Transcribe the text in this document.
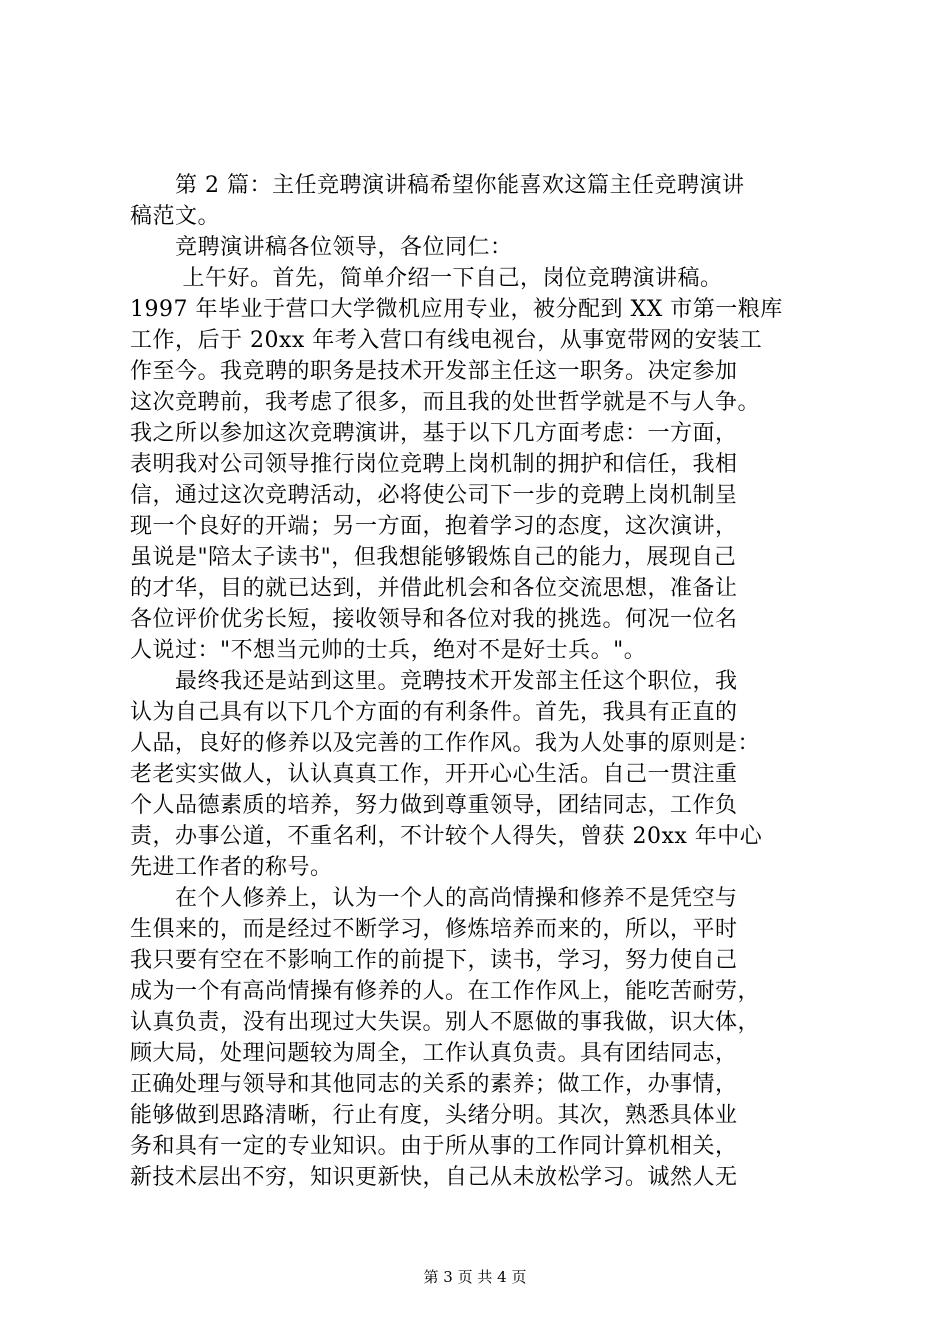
　　第 2 篇：主任竞聘演讲稿希望你能喜欢这篇主任竞聘演讲
稿范文。
　　竞聘演讲稿各位领导，各位同仁：
　　 上午好。首先，简单介绍一下自己，岗位竞聘演讲稿。
1997 年毕业于营口大学微机应用专业，被分配到 XX 市第一粮库
工作，后于 20xx 年考入营口有线电视台，从事宽带网的安装工
作至今。我竞聘的职务是技术开发部主任这一职务。决定参加
这次竞聘前，我考虑了很多，而且我的处世哲学就是不与人争。
我之所以参加这次竞聘演讲，基于以下几方面考虑：一方面，
表明我对公司领导推行岗位竞聘上岗机制的拥护和信任，我相
信，通过这次竞聘活动，必将使公司下一步的竞聘上岗机制呈
现一个良好的开端；另一方面，抱着学习的态度，这次演讲，
虽说是"陪太子读书"，但我想能够锻炼自己的能力，展现自己
的才华，目的就已达到，并借此机会和各位交流思想，准备让
各位评价优劣长短，接收领导和各位对我的挑选。何况一位名
人说过："不想当元帅的士兵，绝对不是好士兵。"。
　　最终我还是站到这里。竞聘技术开发部主任这个职位，我
认为自己具有以下几个方面的有利条件。首先，我具有正直的
人品，良好的修养以及完善的工作作风。我为人处事的原则是：
老老实实做人，认认真真工作，开开心心生活。自己一贯注重
个人品德素质的培养，努力做到尊重领导，团结同志，工作负
责，办事公道，不重名利，不计较个人得失，曾获 20xx 年中心
先进工作者的称号。
　　在个人修养上，认为一个人的高尚情操和修养不是凭空与
生俱来的，而是经过不断学习，修炼培养而来的，所以，平时
我只要有空在不影响工作的前提下，读书，学习，努力使自己
成为一个有高尚情操有修养的人。在工作作风上，能吃苦耐劳，
认真负责，没有出现过大失误。别人不愿做的事我做，识大体，
顾大局，处理问题较为周全，工作认真负责。具有团结同志，
正确处理与领导和其他同志的关系的素养；做工作，办事情，
能够做到思路清晰，行止有度，头绪分明。其次，熟悉具体业
务和具有一定的专业知识。由于所从事的工作同计算机相关，
新技术层出不穷，知识更新快，自己从未放松学习。诚然人无
第 3 页 共 4 页
